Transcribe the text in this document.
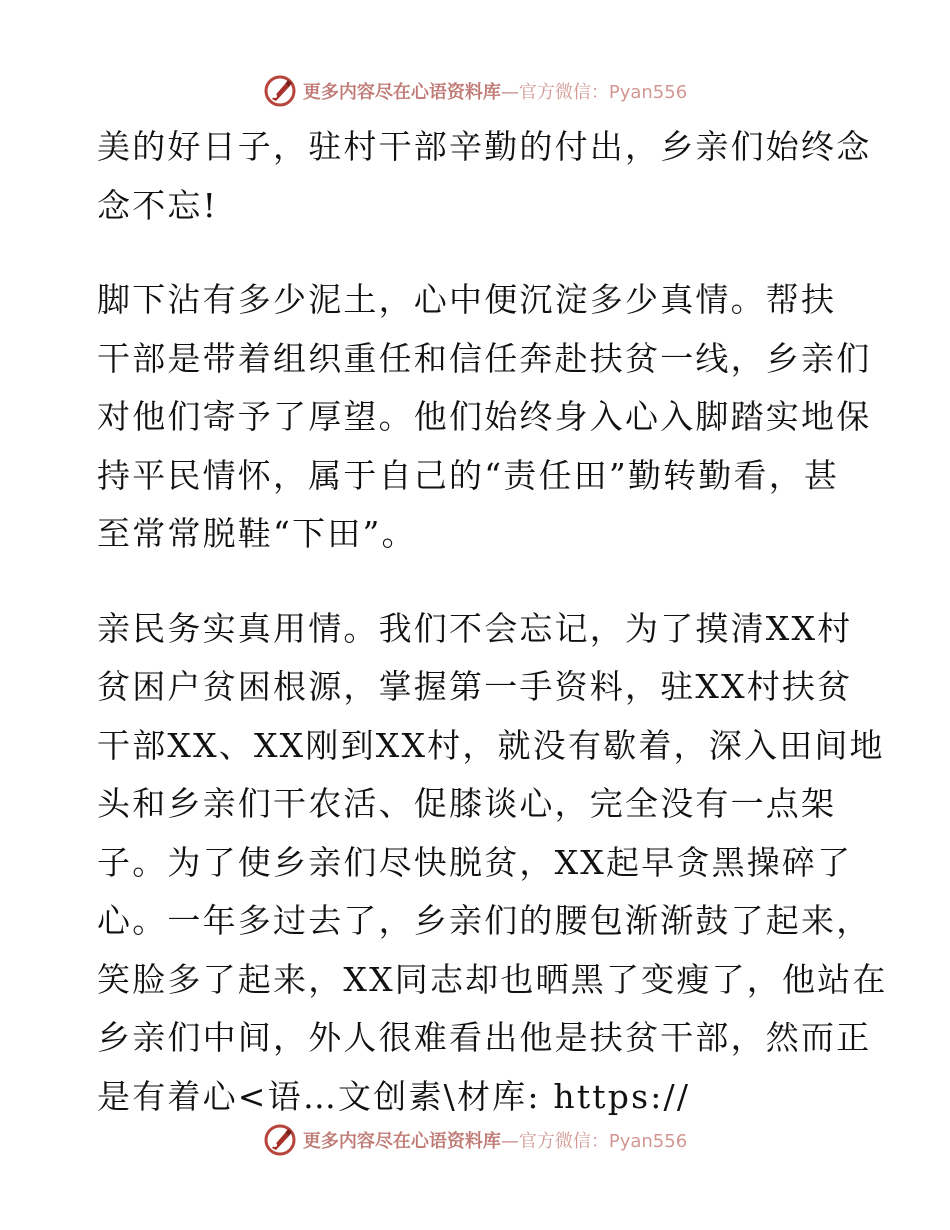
更多内容尽在心语资料库—官方微信：Pyan556
美的好日子，驻村干部辛勤的付出，乡亲们始终念
念不忘!
脚下沾有多少泥土，心中便沉淀多少真情。帮扶
干部是带着组织重任和信任奔赴扶贫一线，乡亲们
对他们寄予了厚望。他们始终身入心入脚踏实地保
持平民情怀，属于自己的“责任田”勤转勤看，甚
至常常脱鞋“下田”。
亲民务实真用情。我们不会忘记，为了摸清XX村
贫困户贫困根源，掌握第一手资料，驻XX村扶贫
干部XX、XX刚到XX村，就没有歇着，深入田间地
头和乡亲们干农活、促膝谈心，完全没有一点架
子。为了使乡亲们尽快脱贫，XX起早贪黑操碎了
心。一年多过去了，乡亲们的腰包渐渐鼓了起来，
笑脸多了起来，XX同志却也晒黑了变瘦了，他站在
乡亲们中间，外人很难看出他是扶贫干部，然而正
是有着心<语…文创素\材库: https://
更多内容尽在心语资料库—官方微信：Pyan556
